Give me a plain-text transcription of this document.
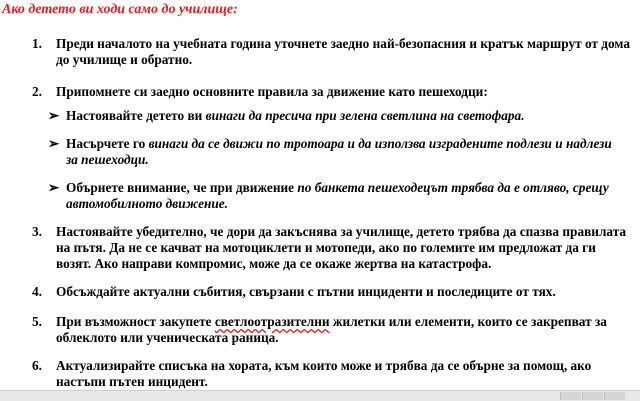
Ако детето ви ходи само до училище:
1. Преди началото на учебната година уточнете заедно най-безопасния и кратък маршрут от дома до училище и обратно.
2. Припомнете си заедно основните правила за движение като пешеходци:
➢ Настоявайте детето ви винаги да пресича при зелена светлина на светофара.
➢ Насърчете го винаги да се движи по тротоара и да използва изградените подлези и надлези за пешеходци.
➢ Обърнете внимание, че при движение по банкета пешеходецът трябва да е отляво, срещу автомобилното движение.
3. Настоявайте убедително, че дори да закъснява за училище, детето трябва да спазва правилата на пътя. Да не се качват на мотоциклети и мотопеди, ако по големите им предложат да ги возят. Ако направи компромис, може да се окаже жертва на катастрофа.
4. Обсъждайте актуални събития, свързани с пътни инциденти и последиците от тях.
5. При възможност закупете светлоотразителни жилетки или елементи, които се закрепват за облеклото или ученическата раница.
6. Актуализирайте списъка на хората, към които може и трябва да се обърне за помощ, ако настъпи пътен инцидент.
